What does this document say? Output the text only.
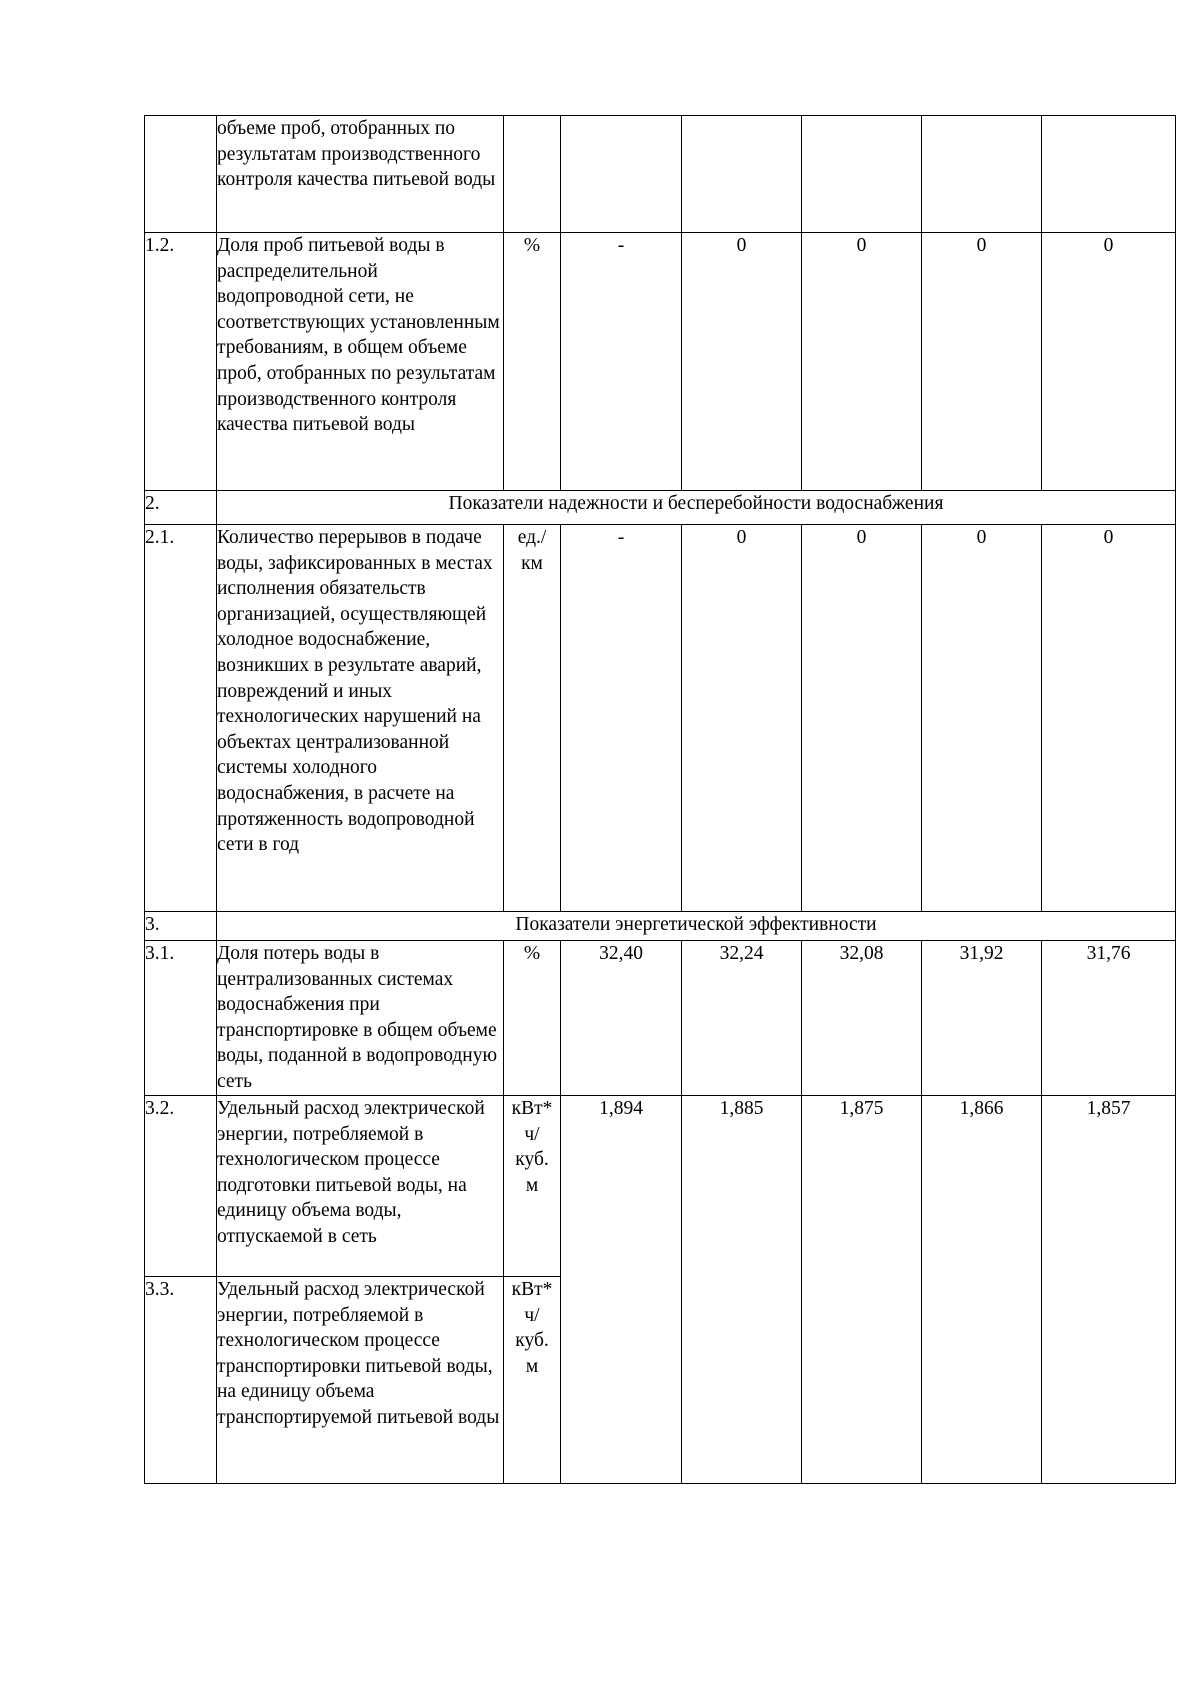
	объеме проб, отобранных по результатам производственного контроля качества питьевой воды						
1.2.	Доля проб питьевой воды в распределительной водопроводной сети, не соответствующих установленным требованиям, в общем объеме проб, отобранных по результатам производственного контроля качества питьевой воды	%	-	0	0	0	0
2.	Показатели надежности и бесперебойности водоснабжения						
2.1.	Количество перерывов в подаче воды, зафиксированных в местах исполнения обязательств организацией, осуществляющей холодное водоснабжение, возникших в результате аварий, повреждений и иных технологических нарушений на объектах централизованной системы холодного водоснабжения, в расчете на протяженность водопроводной сети в год	ед./
км	-	0	0	0	0
3.	Показатели энергетической эффективности						
3.1.	Доля потерь воды в централизованных системах водоснабжения при транспортировке в общем объеме воды, поданной в водопроводную сеть	%	32,40	32,24	32,08	31,92	31,76
3.2.	Удельный расход электрической энергии, потребляемой в технологическом процессе подготовки питьевой воды, на единицу объема воды, отпускаемой в сеть	кВт*
ч/
куб.
м	1,894	1,885	1,875	1,866	1,857
3.3.	Удельный расход электрической энергии, потребляемой в технологическом процессе транспортировки питьевой воды, на единицу объема транспортируемой питьевой воды	кВт*
ч/
куб.
м					
